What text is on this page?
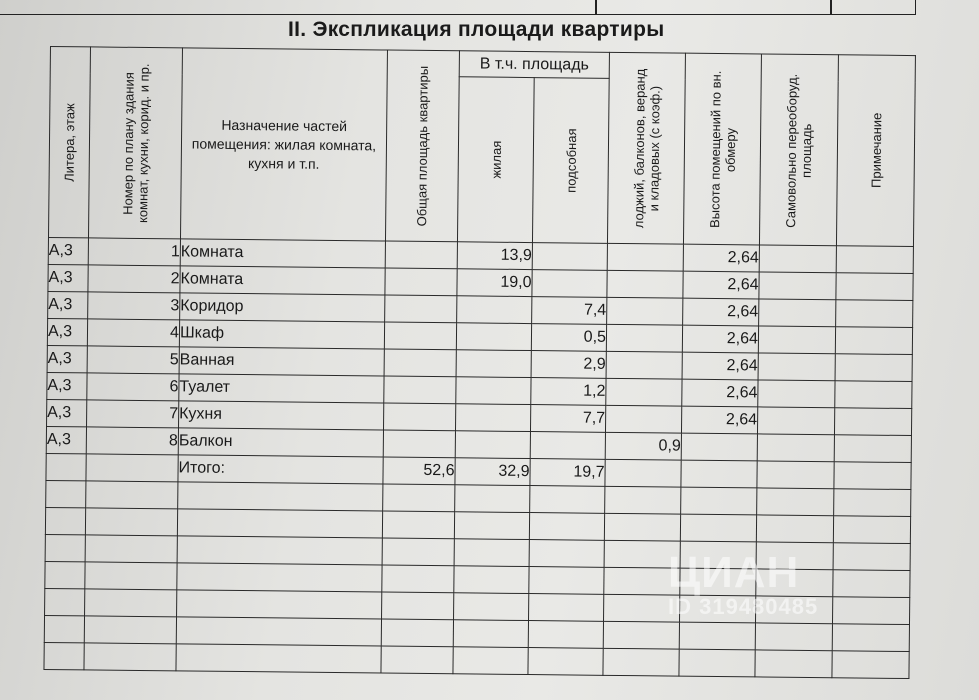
II. Экспликация площади квартиры
Литера, этаж	Номер по плану здания комнат, кухни, корид. и пр.	Назначение частей помещения: жилая комната, кухня и т.п.	Общая площадь квартиры	В т.ч. площадь		лоджий, балконов, веранд и кладовых (с коэф.)	Высота помещений по вн. обмеру	Самовольно переоборуд. площадь	Примечание

				жилая	подсобная				

А,3	1	Комната		13,9			2,64		
А,3	2	Комната		19,0			2,64		
А,3	3	Коридор			7,4		2,64		
А,3	4	Шкаф			0,5		2,64		
А,3	5	Ванная			2,9		2,64		
А,3	6	Туалет			1,2		2,64		
А,3	7	Кухня			7,7		2,64		
А,3	8	Балкон				0,9			
		Итого:	52,6	32,9	19,7				

ЦИАН
ID 319480485
